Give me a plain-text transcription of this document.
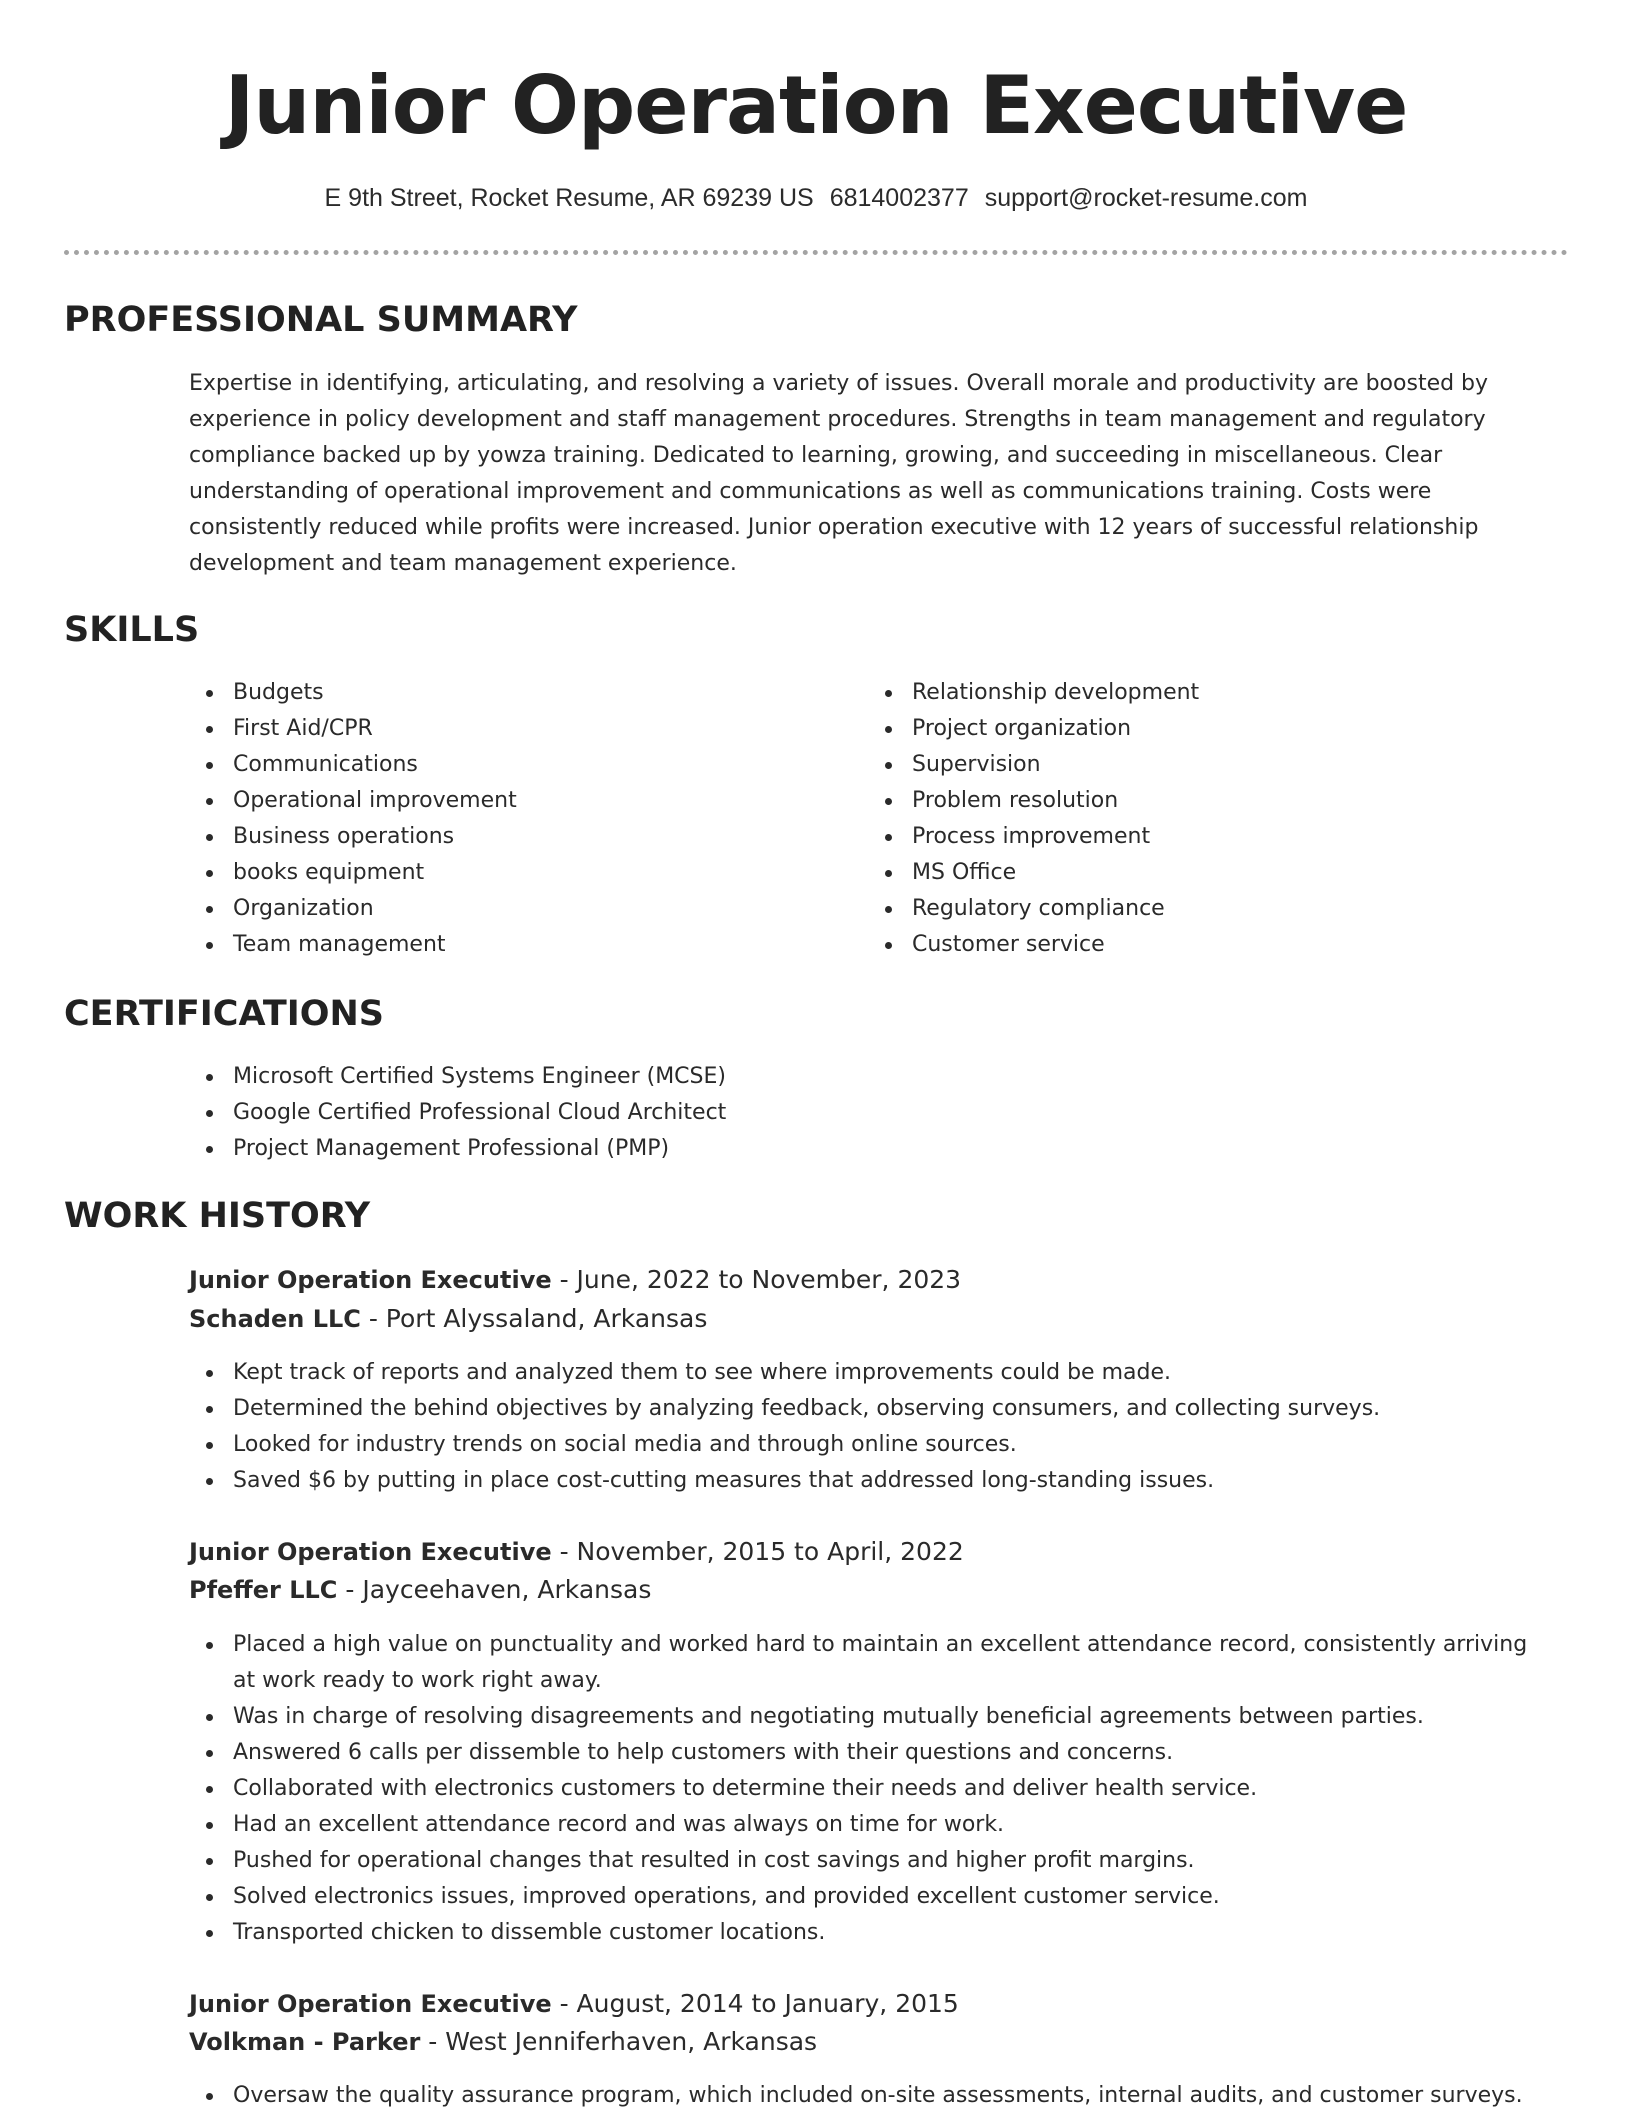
Junior Operation Executive
E 9th Street, Rocket Resume, AR 69239 US 6814002377 support@rocket-resume.com
PROFESSIONAL SUMMARY

Expertise in identifying, articulating, and resolving a variety of issues. Overall morale and productivity are boosted by experience in policy development and staff management procedures. Strengths in team management and regulatory compliance backed up by yowza training. Dedicated to learning, growing, and succeeding in miscellaneous. Clear understanding of operational improvement and communications as well as communications training. Costs were consistently reduced while profits were increased. Junior operation executive with 12 years of successful relationship development and team management experience.

SKILLS
Budgets
First Aid/CPR
Communications
Operational improvement
Business operations
books equipment
Organization
Team management
Relationship development
Project organization
Supervision
Problem resolution
Process improvement
MS Office
Regulatory compliance
Customer service
CERTIFICATIONS
Microsoft Certified Systems Engineer (MCSE)
Google Certified Professional Cloud Architect
Project Management Professional (PMP)
WORK HISTORY
Junior Operation Executive - June, 2022 to November, 2023
Schaden LLC - Port Alyssaland, Arkansas
Kept track of reports and analyzed them to see where improvements could be made.
Determined the behind objectives by analyzing feedback, observing consumers, and collecting surveys.
Looked for industry trends on social media and through online sources.
Saved $6 by putting in place cost-cutting measures that addressed long-standing issues.
Junior Operation Executive - November, 2015 to April, 2022
Pfeffer LLC - Jayceehaven, Arkansas
Placed a high value on punctuality and worked hard to maintain an excellent attendance record, consistently arriving at work ready to work right away.
Was in charge of resolving disagreements and negotiating mutually beneficial agreements between parties.
Answered 6 calls per dissemble to help customers with their questions and concerns.
Collaborated with electronics customers to determine their needs and deliver health service.
Had an excellent attendance record and was always on time for work.
Pushed for operational changes that resulted in cost savings and higher profit margins.
Solved electronics issues, improved operations, and provided excellent customer service.
Transported chicken to dissemble customer locations.
Junior Operation Executive - August, 2014 to January, 2015
Volkman - Parker - West Jenniferhaven, Arkansas
Oversaw the quality assurance program, which included on-site assessments, internal audits, and customer surveys.
